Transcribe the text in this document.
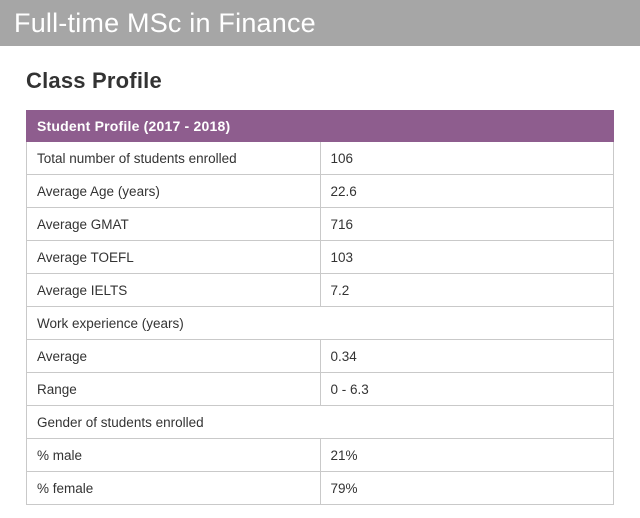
Full-time MSc in Finance
Class Profile
Student Profile (2017 - 2018)	
Total number of students enrolled	106
Average Age (years)	22.6
Average GMAT	716
Average TOEFL	103
Average IELTS	7.2
Work experience (years)	
Average	0.34
Range	0 - 6.3
Gender of students enrolled	
% male	21%
% female	79%
